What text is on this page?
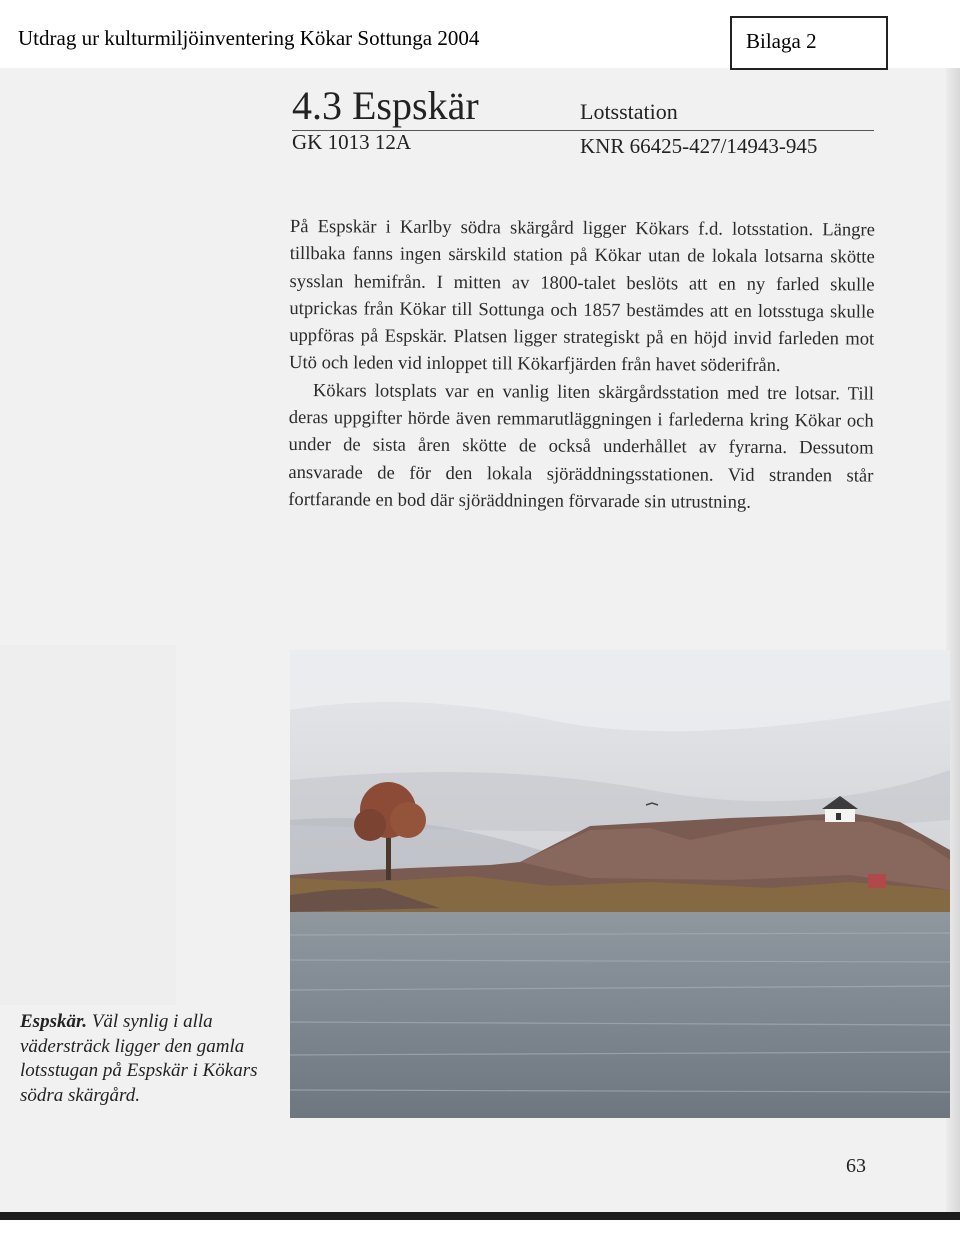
Utdrag ur kulturmiljöinventering Kökar Sottunga 2004	Bilaga 2
4.3 Espskär	Lotsstation
GK 1013 12A	KNR 66425-427/14943-945

På Espskär i Karlby södra skärgård ligger Kökars f.d. lotsstation. Längre tillbaka fanns ingen särskild station på Kökar utan de lokala lotsarna skötte sysslan hemifrån. I mitten av 1800-talet beslöts att en ny farled skulle utprickas från Kökar till Sottunga och 1857 bestämdes att en lotsstuga skulle uppföras på Espskär. Platsen ligger strategiskt på en höjd invid farleden mot Utö och leden vid inloppet till Kökarfjärden från havet söderifrån.

Kökars lotsplats var en vanlig liten skärgårdsstation med tre lotsar. Till deras uppgifter hörde även remmarutläggningen i farlederna kring Kökar och under de sista åren skötte de också underhållet av fyrarna. Dessutom ansvarade de för den lokala sjöräddningsstationen. Vid stranden står fortfarande en bod där sjöräddningen förvarade sin utrustning.

Espskär. Väl synlig i alla vädersträck ligger den gamla lotsstugan på Espskär i Kökars södra skärgård.
63
